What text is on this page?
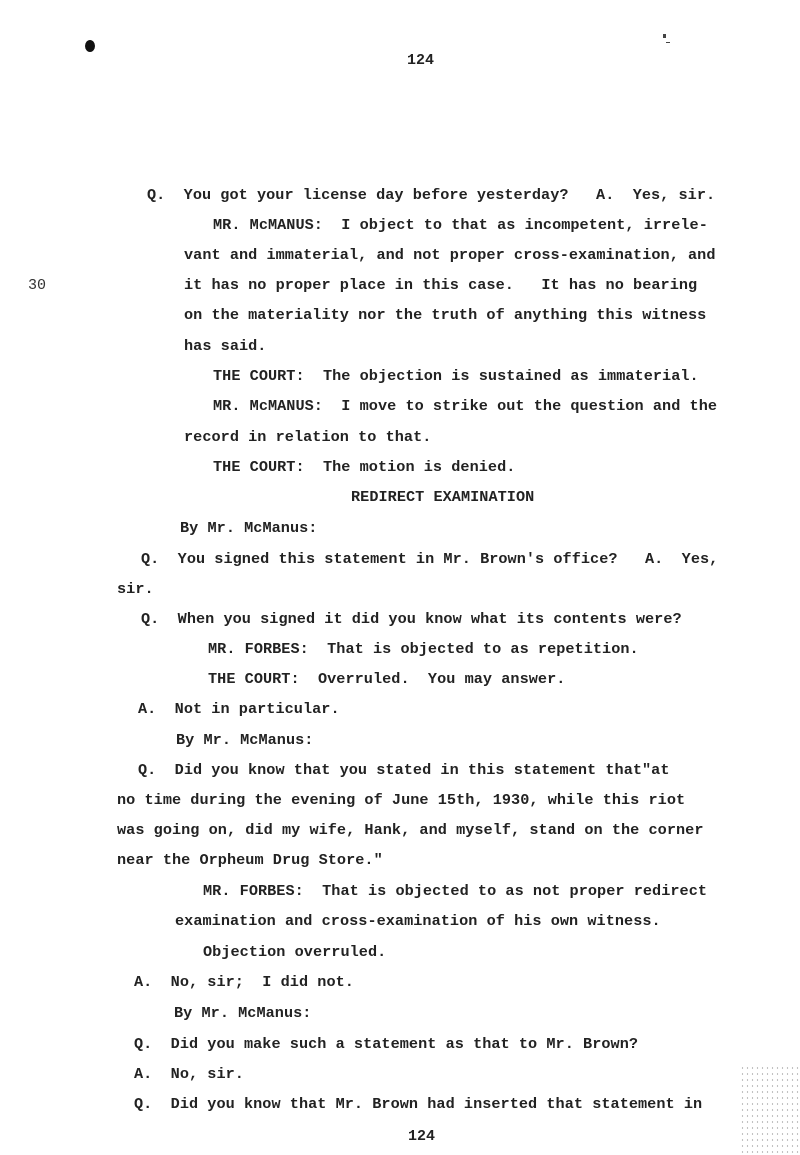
124
30
Q.  You got your license day before yesterday?   A.  Yes, sir.
MR. McMANUS:  I object to that as incompetent, irrele-
vant and immaterial, and not proper cross-examination, and
it has no proper place in this case.   It has no bearing
on the materiality nor the truth of anything this witness
has said.
THE COURT:  The objection is sustained as immaterial.
MR. McMANUS:  I move to strike out the question and the
record in relation to that.
THE COURT:  The motion is denied.
REDIRECT EXAMINATION
By Mr. McManus:
Q.  You signed this statement in Mr. Brown's office?   A.  Yes,
sir.
Q.  When you signed it did you know what its contents were?
MR. FORBES:  That is objected to as repetition.
THE COURT:  Overruled.  You may answer.
A.  Not in particular.
By Mr. McManus:
Q.  Did you know that you stated in this statement that"at
no time during the evening of June 15th, 1930, while this riot
was going on, did my wife, Hank, and myself, stand on the corner
near the Orpheum Drug Store."
MR. FORBES:  That is objected to as not proper redirect
examination and cross-examination of his own witness.
Objection overruled.
A.  No, sir;  I did not.
By Mr. McManus:
Q.  Did you make such a statement as that to Mr. Brown?
A.  No, sir.
Q.  Did you know that Mr. Brown had inserted that statement in
124
